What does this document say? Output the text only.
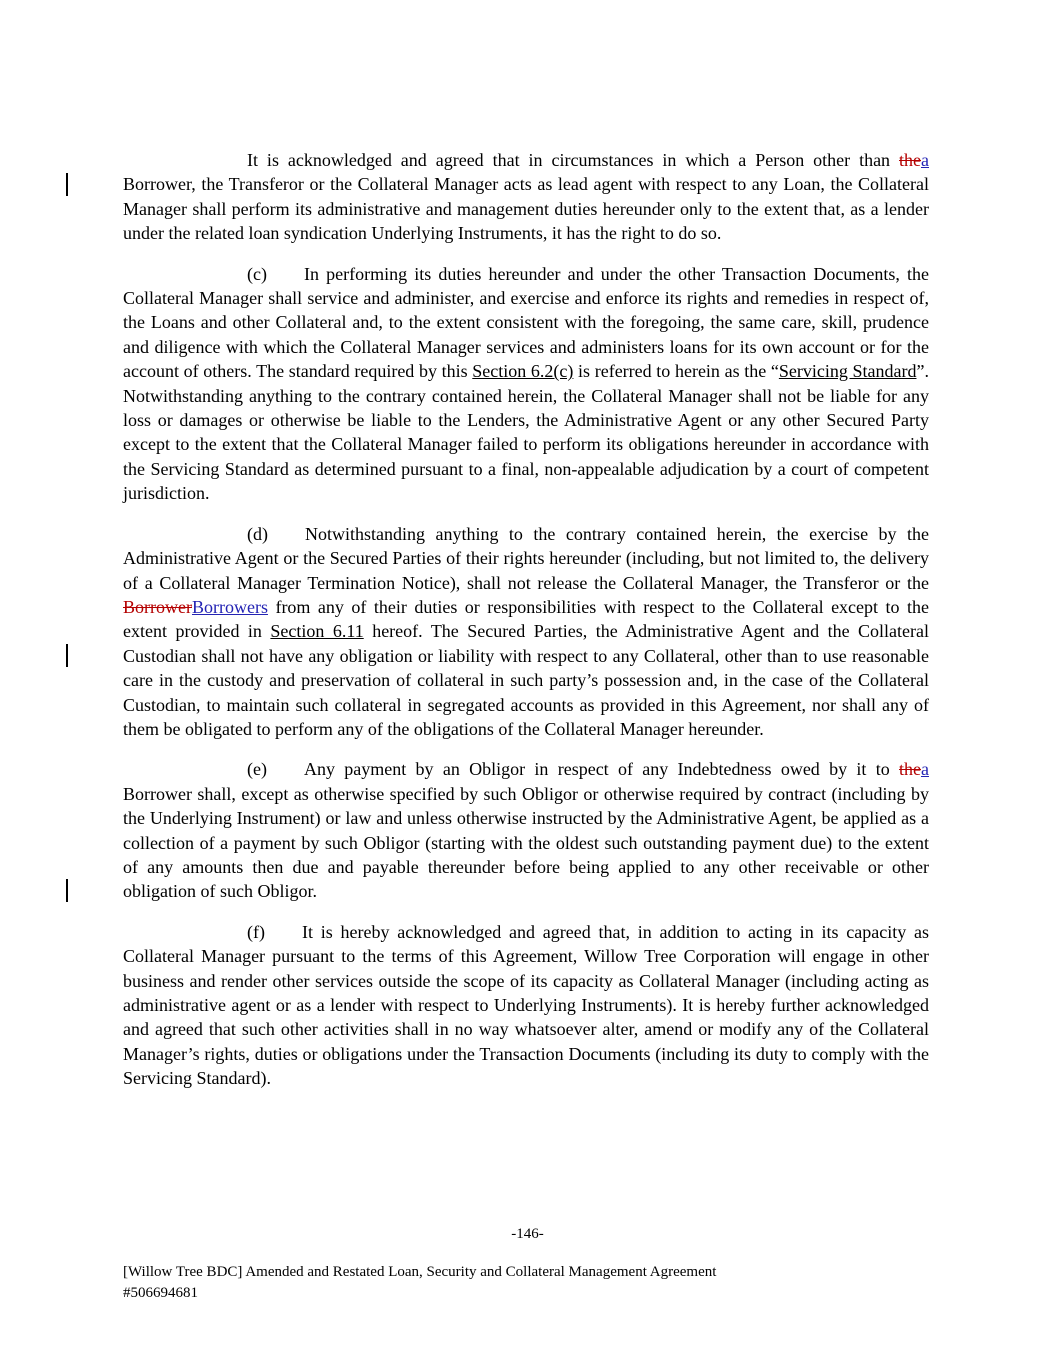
It is acknowledged and agreed that in circumstances in which a Person other than thea Borrower, the Transferor or the Collateral Manager acts as lead agent with respect to any Loan, the Collateral Manager shall perform its administrative and management duties hereunder only to the extent that, as a lender under the related loan syndication Underlying Instruments, it has the right to do so.

(c) In performing its duties hereunder and under the other Transaction Documents, the Collateral Manager shall service and administer, and exercise and enforce its rights and remedies in respect of, the Loans and other Collateral and, to the extent consistent with the foregoing, the same care, skill, prudence and diligence with which the Collateral Manager services and administers loans for its own account or for the account of others. The standard required by this Section 6.2(c) is referred to herein as the “Servicing Standard”. Notwithstanding anything to the contrary contained herein, the Collateral Manager shall not be liable for any loss or damages or otherwise be liable to the Lenders, the Administrative Agent or any other Secured Party except to the extent that the Collateral Manager failed to perform its obligations hereunder in accordance with the Servicing Standard as determined pursuant to a final, non-appealable adjudication by a court of competent jurisdiction.

(d) Notwithstanding anything to the contrary contained herein, the exercise by the Administrative Agent or the Secured Parties of their rights hereunder (including, but not limited to, the delivery of a Collateral Manager Termination Notice), shall not release the Collateral Manager, the Transferor or the BorrowerBorrowers from any of their duties or responsibilities with respect to the Collateral except to the extent provided in Section 6.11 hereof. The Secured Parties, the Administrative Agent and the Collateral Custodian shall not have any obligation or liability with respect to any Collateral, other than to use reasonable care in the custody and preservation of collateral in such party’s possession and, in the case of the Collateral Custodian, to maintain such collateral in segregated accounts as provided in this Agreement, nor shall any of them be obligated to perform any of the obligations of the Collateral Manager hereunder.

(e) Any payment by an Obligor in respect of any Indebtedness owed by it to thea Borrower shall, except as otherwise specified by such Obligor or otherwise required by contract (including by the Underlying Instrument) or law and unless otherwise instructed by the Administrative Agent, be applied as a collection of a payment by such Obligor (starting with the oldest such outstanding payment due) to the extent of any amounts then due and payable thereunder before being applied to any other receivable or other obligation of such Obligor.

(f) It is hereby acknowledged and agreed that, in addition to acting in its capacity as Collateral Manager pursuant to the terms of this Agreement, Willow Tree Corporation will engage in other business and render other services outside the scope of its capacity as Collateral Manager (including acting as administrative agent or as a lender with respect to Underlying Instruments). It is hereby further acknowledged and agreed that such other activities shall in no way whatsoever alter, amend or modify any of the Collateral Manager’s rights, duties or obligations under the Transaction Documents (including its duty to comply with the Servicing Standard).

-146-
[Willow Tree BDC] Amended and Restated Loan, Security and Collateral Management Agreement
#506694681
